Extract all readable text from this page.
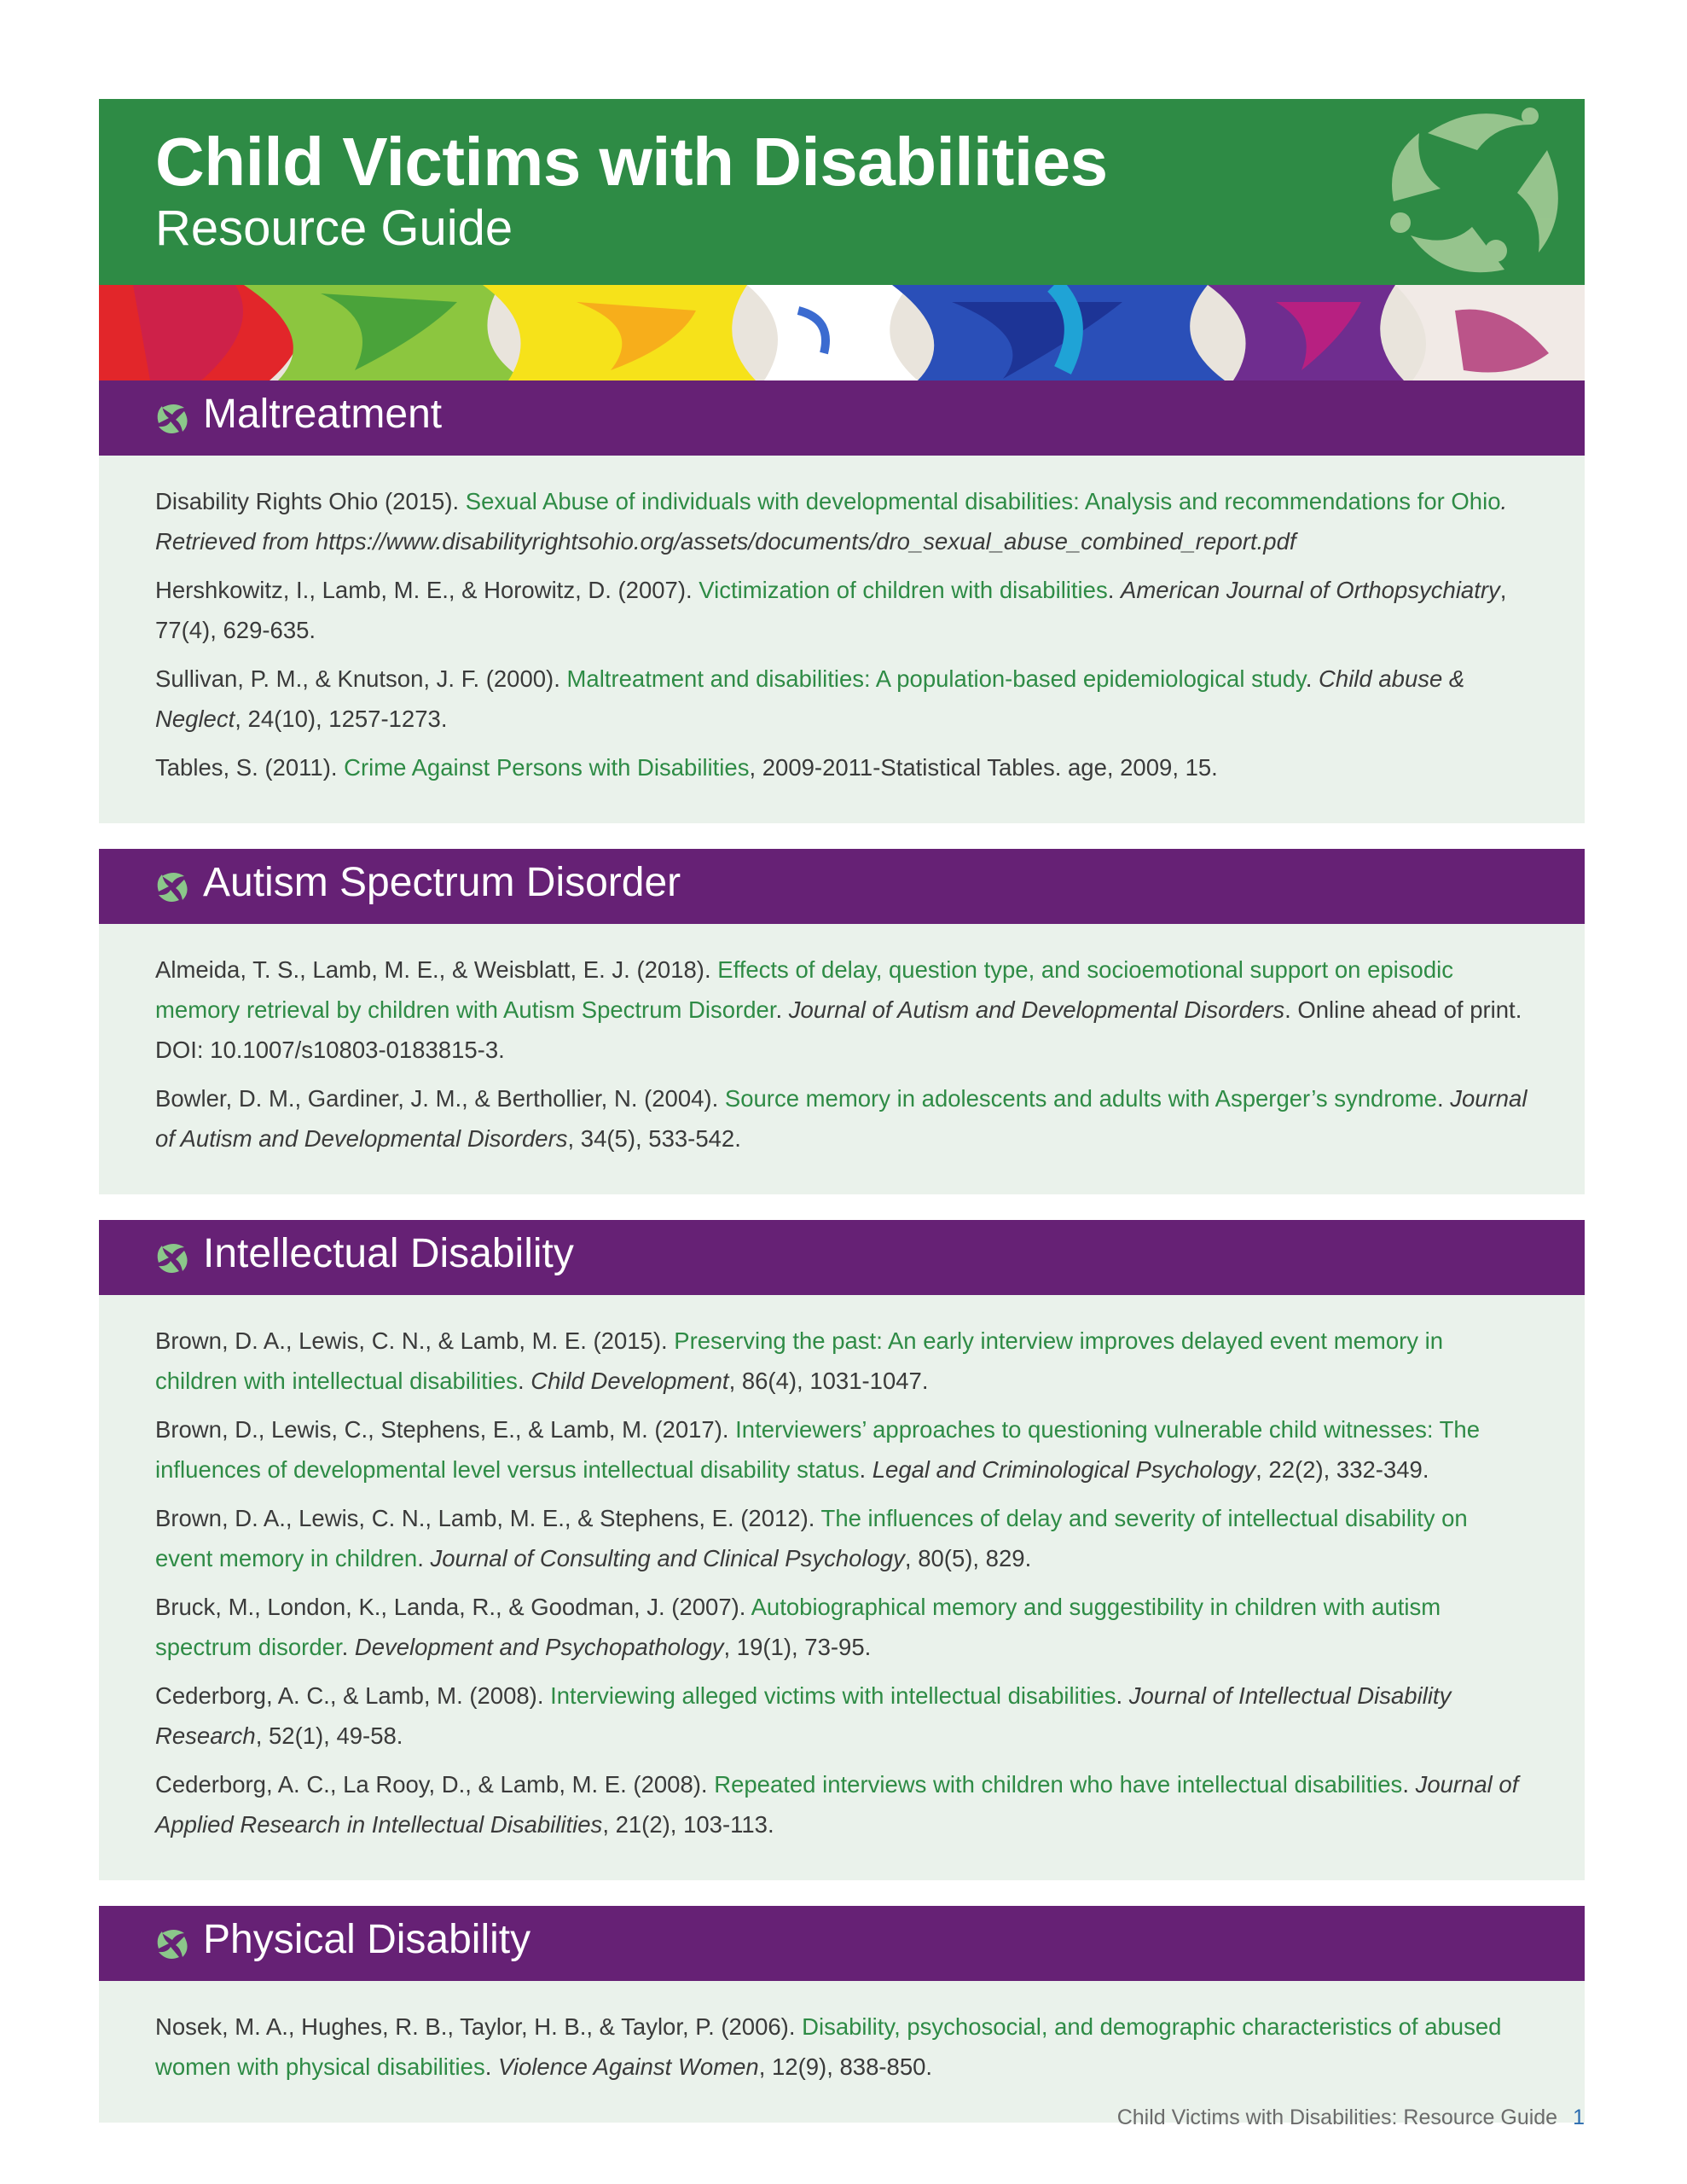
Child Victims with Disabilities
Resource Guide
Maltreatment

Disability Rights Ohio (2015). Sexual Abuse of individuals with developmental disabilities: Analysis and recommendations for Ohio. Retrieved from https://www.disabilityrightsohio.org/assets/documents/dro_sexual_abuse_combined_report.pdf

Hershkowitz, I., Lamb, M. E., & Horowitz, D. (2007). Victimization of children with disabilities. American Journal of Orthopsychiatry, 77(4), 629-635.

Sullivan, P. M., & Knutson, J. F. (2000). Maltreatment and disabilities: A population-based epidemiological study. Child abuse & Neglect, 24(10), 1257-1273.

Tables, S. (2011). Crime Against Persons with Disabilities, 2009-2011-Statistical Tables. age, 2009, 15.

Autism Spectrum Disorder

Almeida, T. S., Lamb, M. E., & Weisblatt, E. J. (2018). Effects of delay, question type, and socioemotional support on episodic memory retrieval by children with Autism Spectrum Disorder. Journal of Autism and Developmental Disorders. Online ahead of print. DOI: 10.1007/s10803-0183815-3.

Bowler, D. M., Gardiner, J. M., & Berthollier, N. (2004). Source memory in adolescents and adults with Asperger’s syndrome. Journal of Autism and Developmental Disorders, 34(5), 533-542.

Intellectual Disability

Brown, D. A., Lewis, C. N., & Lamb, M. E. (2015). Preserving the past: An early interview improves delayed event memory in children with intellectual disabilities. Child Development, 86(4), 1031-1047.

Brown, D., Lewis, C., Stephens, E., & Lamb, M. (2017). Interviewers’ approaches to questioning vulnerable child witnesses: The influences of developmental level versus intellectual disability status. Legal and Criminological Psychology, 22(2), 332-349.

Brown, D. A., Lewis, C. N., Lamb, M. E., & Stephens, E. (2012). The influences of delay and severity of intellectual disability on event memory in children. Journal of Consulting and Clinical Psychology, 80(5), 829.

Bruck, M., London, K., Landa, R., & Goodman, J. (2007). Autobiographical memory and suggestibility in children with autism spectrum disorder. Development and Psychopathology, 19(1), 73-95.

Cederborg, A. C., & Lamb, M. (2008). Interviewing alleged victims with intellectual disabilities. Journal of Intellectual Disability Research, 52(1), 49-58.

Cederborg, A. C., La Rooy, D., & Lamb, M. E. (2008). Repeated interviews with children who have intellectual disabilities. Journal of Applied Research in Intellectual Disabilities, 21(2), 103-113.

Physical Disability

Nosek, M. A., Hughes, R. B., Taylor, H. B., & Taylor, P. (2006). Disability, psychosocial, and demographic characteristics of abused women with physical disabilities. Violence Against Women, 12(9), 838-850.

Child Victims with Disabilities: Resource Guide 1
